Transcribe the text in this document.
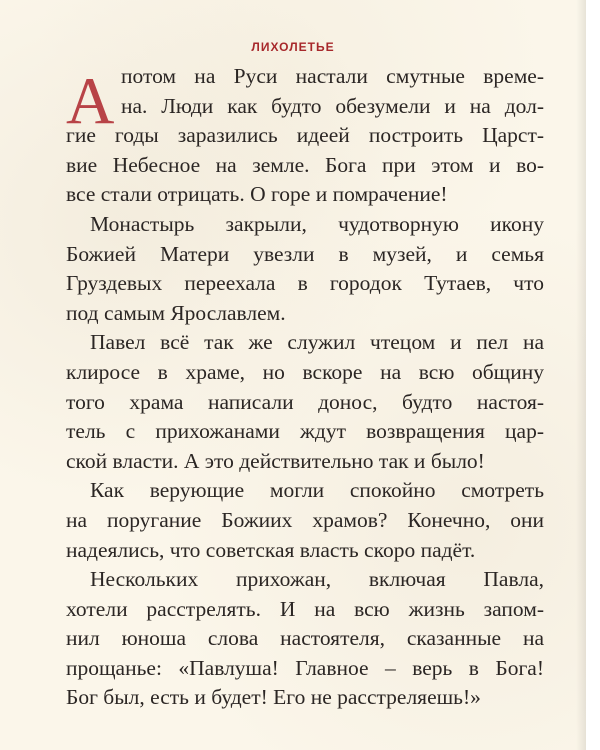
ЛИХОЛЕТЬЕ
А потом на Руси настали смутные време-
на. Люди как будто обезумели и на дол-
гие годы заразились идеей построить Царст-
вие Небесное на земле. Бога при этом и во-
все стали отрицать. О горе и помрачение!
Монастырь закрыли, чудотворную икону
Божией Матери увезли в музей, и семья
Груздевых переехала в городок Тутаев, что
под самым Ярославлем.
Павел всё так же служил чтецом и пел на
клиросе в храме, но вскоре на всю общину
того храма написали донос, будто настоя-
тель с прихожанами ждут возвращения цар-
ской власти. А это действительно так и было!
Как верующие могли спокойно смотреть
на поругание Божиих храмов? Конечно, они
надеялись, что советская власть скоро падёт.
Нескольких прихожан, включая Павла,
хотели расстрелять. И на всю жизнь запом-
нил юноша слова настоятеля, сказанные на
прощанье: «Павлуша! Главное – верь в Бога!
Бог был, есть и будет! Его не расстреляешь!»
